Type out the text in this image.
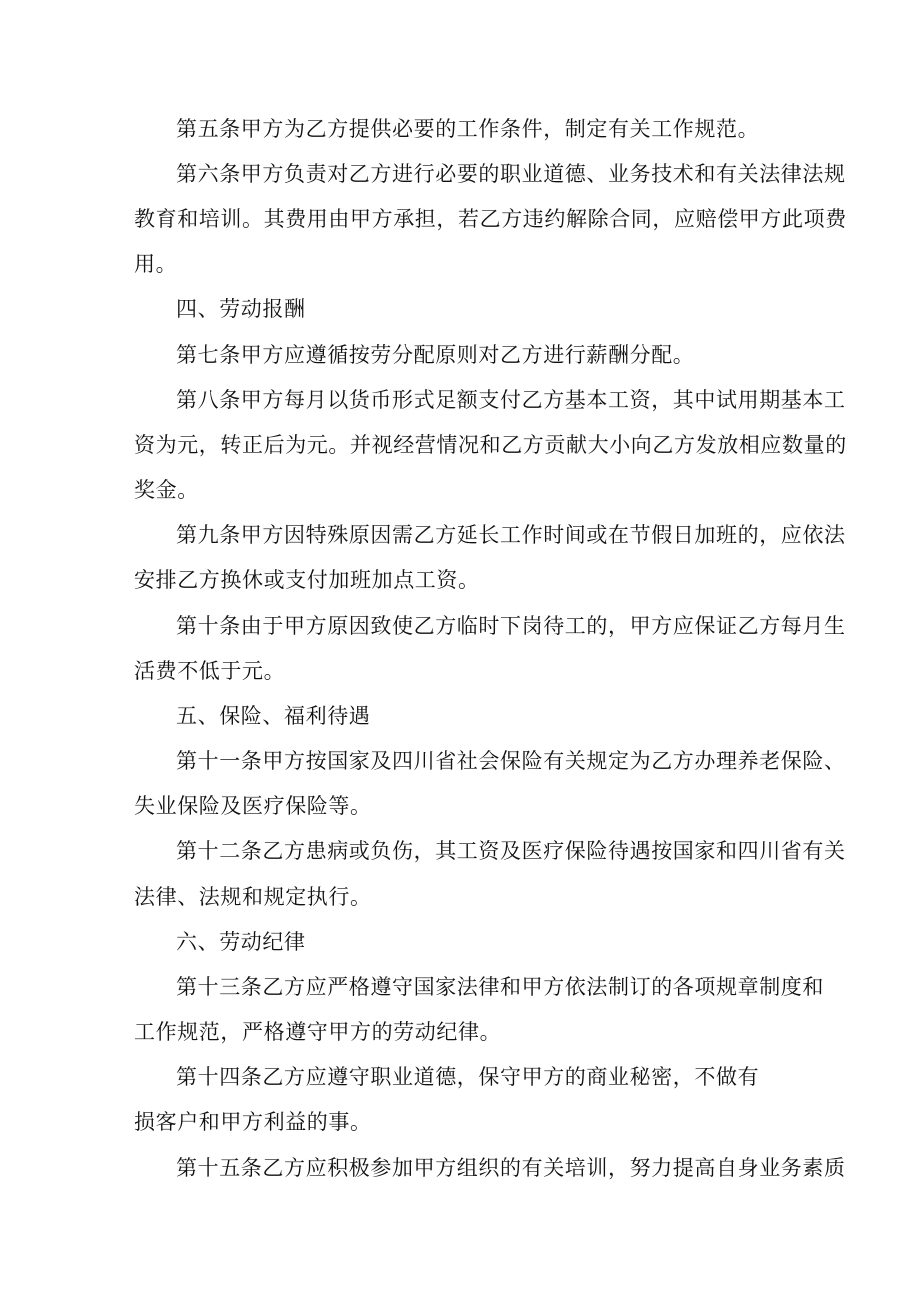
第五条甲方为乙方提供必要的工作条件，制定有关工作规范。
第六条甲方负责对乙方进行必要的职业道德、业务技术和有关法律法规
教育和培训。其费用由甲方承担，若乙方违约解除合同，应赔偿甲方此项费
用。
四、劳动报酬
第七条甲方应遵循按劳分配原则对乙方进行薪酬分配。
第八条甲方每月以货币形式足额支付乙方基本工资，其中试用期基本工
资为元，转正后为元。并视经营情况和乙方贡献大小向乙方发放相应数量的
奖金。
第九条甲方因特殊原因需乙方延长工作时间或在节假日加班的，应依法
安排乙方换休或支付加班加点工资。
第十条由于甲方原因致使乙方临时下岗待工的，甲方应保证乙方每月生
活费不低于元。
五、保险、福利待遇
第十一条甲方按国家及四川省社会保险有关规定为乙方办理养老保险、
失业保险及医疗保险等。
第十二条乙方患病或负伤，其工资及医疗保险待遇按国家和四川省有关
法律、法规和规定执行。
六、劳动纪律
第十三条乙方应严格遵守国家法律和甲方依法制订的各项规章制度和
工作规范，严格遵守甲方的劳动纪律。
第十四条乙方应遵守职业道德，保守甲方的商业秘密，不做有
损客户和甲方利益的事。
第十五条乙方应积极参加甲方组织的有关培训，努力提高自身业务素质
